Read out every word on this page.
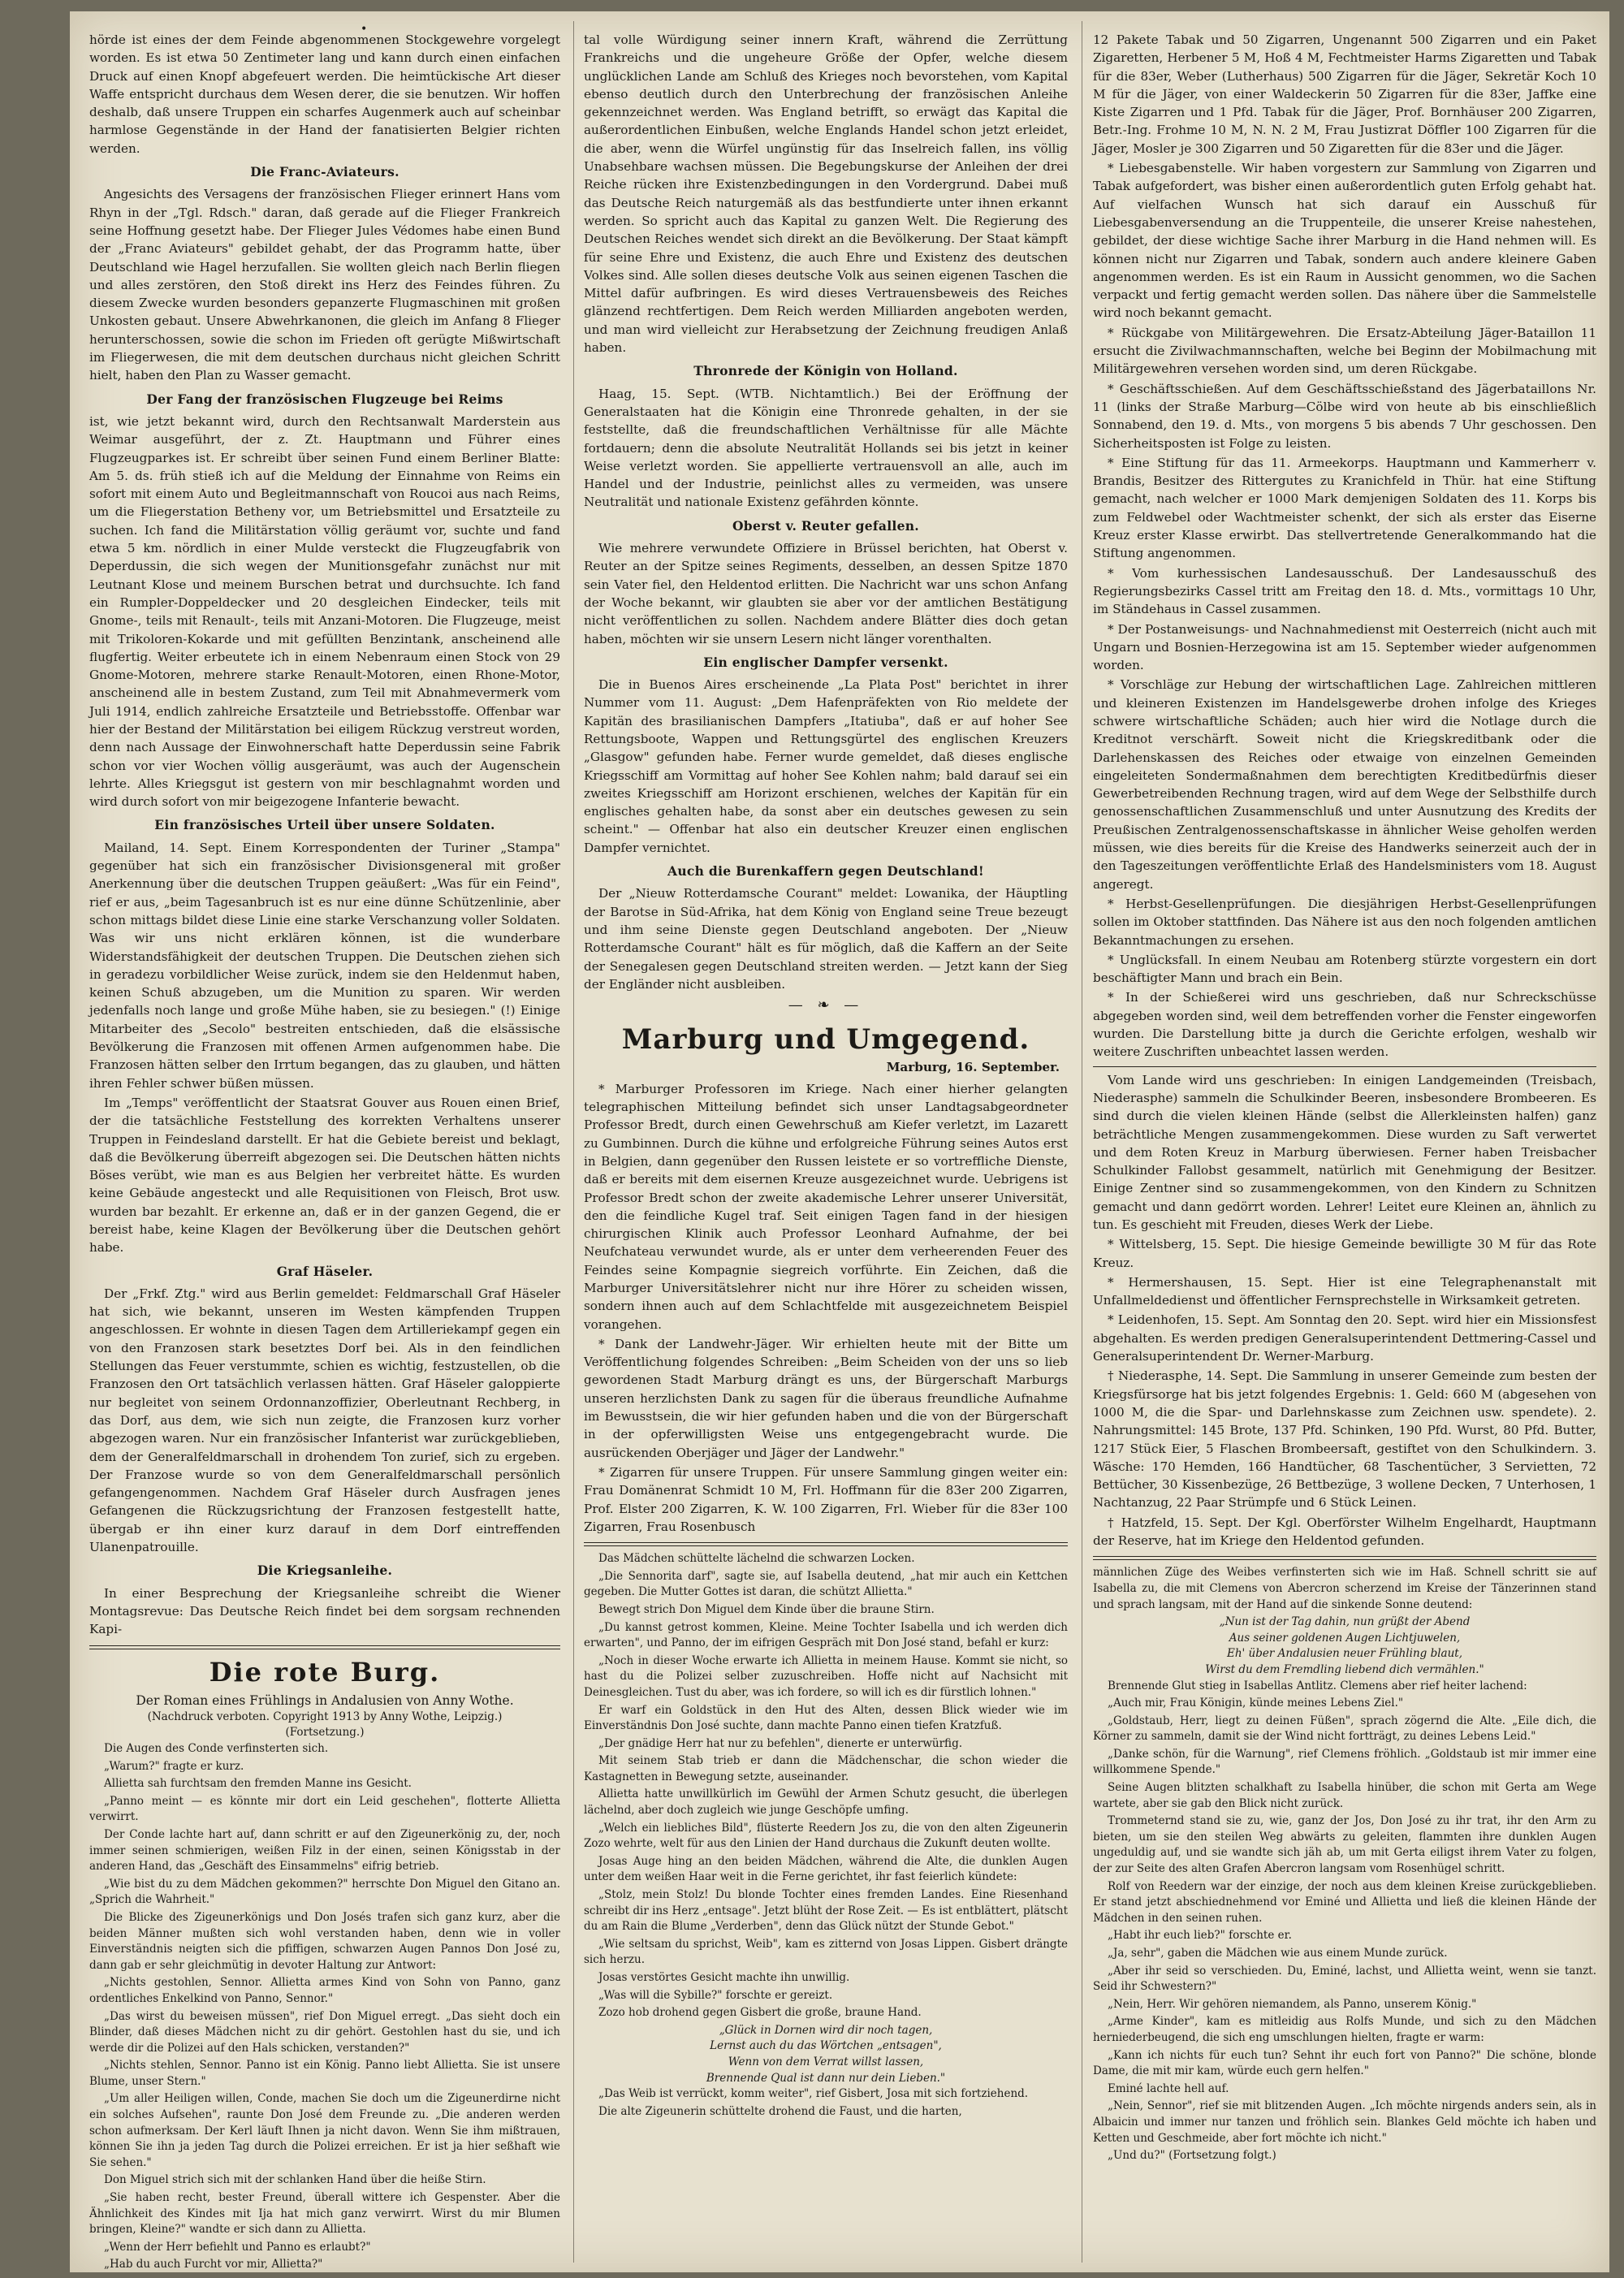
•

hörde ist eines der dem Feinde abgenommenen Stockgewehre vorgelegt worden. Es ist etwa 50 Zentimeter lang und kann durch einen einfachen Druck auf einen Knopf abgefeuert werden. Die heimtückische Art dieser Waffe entspricht durchaus dem Wesen derer, die sie benutzen. Wir hoffen deshalb, daß unsere Truppen ein scharfes Augenmerk auch auf scheinbar harmlose Gegenstände in der Hand der fanatisierten Belgier richten werden.

Die Franc-Aviateurs.

Angesichts des Versagens der französischen Flieger erinnert Hans vom Rhyn in der „Tgl. Rdsch." daran, daß gerade auf die Flieger Frankreich seine Hoffnung gesetzt habe. Der Flieger Jules Védomes habe einen Bund der „Franc Aviateurs" gebildet gehabt, der das Programm hatte, über Deutschland wie Hagel herzufallen. Sie wollten gleich nach Berlin fliegen und alles zerstören, den Stoß direkt ins Herz des Feindes führen. Zu diesem Zwecke wurden besonders gepanzerte Flugmaschinen mit großen Unkosten gebaut. Unsere Abwehrkanonen, die gleich im Anfang 8 Flieger herunterschossen, sowie die schon im Frieden oft gerügte Mißwirtschaft im Fliegerwesen, die mit dem deutschen durchaus nicht gleichen Schritt hielt, haben den Plan zu Wasser gemacht.

Der Fang der französischen Flugzeuge bei Reims

ist, wie jetzt bekannt wird, durch den Rechtsanwalt Marderstein aus Weimar ausgeführt, der z. Zt. Hauptmann und Führer eines Flugzeugparkes ist. Er schreibt über seinen Fund einem Berliner Blatte: Am 5. ds. früh stieß ich auf die Meldung der Einnahme von Reims ein sofort mit einem Auto und Begleitmannschaft von Roucoi aus nach Reims, um die Fliegerstation Betheny vor, um Betriebsmittel und Ersatzteile zu suchen. Ich fand die Militärstation völlig geräumt vor, suchte und fand etwa 5 km. nördlich in einer Mulde versteckt die Flugzeugfabrik von Deperdussin, die sich wegen der Munitionsgefahr zunächst nur mit Leutnant Klose und meinem Burschen betrat und durchsuchte. Ich fand ein Rumpler-Doppeldecker und 20 desgleichen Eindecker, teils mit Gnome-, teils mit Renault-, teils mit Anzani-Motoren. Die Flugzeuge, meist mit Trikoloren-Kokarde und mit gefüllten Benzintank, anscheinend alle flugfertig. Weiter erbeutete ich in einem Nebenraum einen Stock von 29 Gnome-Motoren, mehrere starke Renault-Motoren, einen Rhone-Motor, anscheinend alle in bestem Zustand, zum Teil mit Abnahmevermerk vom Juli 1914, endlich zahlreiche Ersatzteile und Betriebsstoffe. Offenbar war hier der Bestand der Militärstation bei eiligem Rückzug verstreut worden, denn nach Aussage der Einwohnerschaft hatte Deperdussin seine Fabrik schon vor vier Wochen völlig ausgeräumt, was auch der Augenschein lehrte. Alles Kriegsgut ist gestern von mir beschlagnahmt worden und wird durch sofort von mir beigezogene Infanterie bewacht.

Ein französisches Urteil über unsere Soldaten.

Mailand, 14. Sept. Einem Korrespondenten der Turiner „Stampa" gegenüber hat sich ein französischer Divisionsgeneral mit großer Anerkennung über die deutschen Truppen geäußert: „Was für ein Feind", rief er aus, „beim Tagesanbruch ist es nur eine dünne Schützenlinie, aber schon mittags bildet diese Linie eine starke Verschanzung voller Soldaten. Was wir uns nicht erklären können, ist die wunderbare Widerstandsfähigkeit der deutschen Truppen. Die Deutschen ziehen sich in geradezu vorbildlicher Weise zurück, indem sie den Heldenmut haben, keinen Schuß abzugeben, um die Munition zu sparen. Wir werden jedenfalls noch lange und große Mühe haben, sie zu besiegen." (!) Einige Mitarbeiter des „Secolo" bestreiten entschieden, daß die elsässische Bevölkerung die Franzosen mit offenen Armen aufgenommen habe. Die Franzosen hätten selber den Irrtum begangen, das zu glauben, und hätten ihren Fehler schwer büßen müssen.

Im „Temps" veröffentlicht der Staatsrat Gouver aus Rouen einen Brief, der die tatsächliche Feststellung des korrekten Verhaltens unserer Truppen in Feindesland darstellt. Er hat die Gebiete bereist und beklagt, daß die Bevölkerung überreift abgezogen sei. Die Deutschen hätten nichts Böses verübt, wie man es aus Belgien her verbreitet hätte. Es wurden keine Gebäude angesteckt und alle Requisitionen von Fleisch, Brot usw. wurden bar bezahlt. Er erkenne an, daß er in der ganzen Gegend, die er bereist habe, keine Klagen der Bevölkerung über die Deutschen gehört habe.

Graf Häseler.

Der „Frkf. Ztg." wird aus Berlin gemeldet: Feldmarschall Graf Häseler hat sich, wie bekannt, unseren im Westen kämpfenden Truppen angeschlossen. Er wohnte in diesen Tagen dem Artilleriekampf gegen ein von den Franzosen stark besetztes Dorf bei. Als in den feindlichen Stellungen das Feuer verstummte, schien es wichtig, festzustellen, ob die Franzosen den Ort tatsächlich verlassen hätten. Graf Häseler galoppierte nur begleitet von seinem Ordonnanzoffizier, Oberleutnant Rechberg, in das Dorf, aus dem, wie sich nun zeigte, die Franzosen kurz vorher abgezogen waren. Nur ein französischer Infanterist war zurückgeblieben, dem der Generalfeldmarschall in drohendem Ton zurief, sich zu ergeben. Der Franzose wurde so von dem Generalfeldmarschall persönlich gefangengenommen. Nachdem Graf Häseler durch Ausfragen jenes Gefangenen die Rückzugsrichtung der Franzosen festgestellt hatte, übergab er ihn einer kurz darauf in dem Dorf eintreffenden Ulanenpatrouille.

Die Kriegsanleihe.

In einer Besprechung der Kriegsanleihe schreibt die Wiener Montagsrevue: Das Deutsche Reich findet bei dem sorgsam rechnenden Kapi-

Die rote Burg.

Der Roman eines Frühlings in Andalusien von Anny Wothe.

(Nachdruck verboten. Copyright 1913 by Anny Wothe, Leipzig.)

(Fortsetzung.)

Die Augen des Conde verfinsterten sich.

„Warum?" fragte er kurz.

Allietta sah furchtsam den fremden Manne ins Gesicht.

„Panno meint — es könnte mir dort ein Leid geschehen", flotterte Allietta verwirrt.

Der Conde lachte hart auf, dann schritt er auf den Zigeunerkönig zu, der, noch immer seinen schmierigen, weißen Filz in der einen, seinen Königsstab in der anderen Hand, das „Geschäft des Einsammelns" eifrig betrieb.

„Wie bist du zu dem Mädchen gekommen?" herrschte Don Miguel den Gitano an. „Sprich die Wahrheit."

Die Blicke des Zigeunerkönigs und Don Josés trafen sich ganz kurz, aber die beiden Männer mußten sich wohl verstanden haben, denn wie in voller Einverständnis neigten sich die pfiffigen, schwarzen Augen Pannos Don José zu, dann gab er sehr gleichmütig in devoter Haltung zur Antwort:

„Nichts gestohlen, Sennor. Allietta armes Kind von Sohn von Panno, ganz ordentliches Enkelkind von Panno, Sennor."

„Das wirst du beweisen müssen", rief Don Miguel erregt. „Das sieht doch ein Blinder, daß dieses Mädchen nicht zu dir gehört. Gestohlen hast du sie, und ich werde dir die Polizei auf den Hals schicken, verstanden?"

„Nichts stehlen, Sennor. Panno ist ein König. Panno liebt Allietta. Sie ist unsere Blume, unser Stern."

„Um aller Heiligen willen, Conde, machen Sie doch um die Zigeunerdirne nicht ein solches Aufsehen", raunte Don José dem Freunde zu. „Die anderen werden schon aufmerksam. Der Kerl läuft Ihnen ja nicht davon. Wenn Sie ihm mißtrauen, können Sie ihn ja jeden Tag durch die Polizei erreichen. Er ist ja hier seßhaft wie Sie sehen."

Don Miguel strich sich mit der schlanken Hand über die heiße Stirn.

„Sie haben recht, bester Freund, überall wittere ich Gespenster. Aber die Ähnlichkeit des Kindes mit Ija hat mich ganz verwirrt. Wirst du mir Blumen bringen, Kleine?" wandte er sich dann zu Allietta.

„Wenn der Herr befiehlt und Panno es erlaubt?"

„Hab du auch Furcht vor mir, Allietta?"

tal volle Würdigung seiner innern Kraft, während die Zerrüttung Frankreichs und die ungeheure Größe der Opfer, welche diesem unglücklichen Lande am Schluß des Krieges noch bevorstehen, vom Kapital ebenso deutlich durch den Unterbrechung der französischen Anleihe gekennzeichnet werden. Was England betrifft, so erwägt das Kapital die außerordentlichen Einbußen, welche Englands Handel schon jetzt erleidet, die aber, wenn die Würfel ungünstig für das Inselreich fallen, ins völlig Unabsehbare wachsen müssen. Die Begebungskurse der Anleihen der drei Reiche rücken ihre Existenzbedingungen in den Vordergrund. Dabei muß das Deutsche Reich naturgemäß als das bestfundierte unter ihnen erkannt werden. So spricht auch das Kapital zu ganzen Welt. Die Regierung des Deutschen Reiches wendet sich direkt an die Bevölkerung. Der Staat kämpft für seine Ehre und Existenz, die auch Ehre und Existenz des deutschen Volkes sind. Alle sollen dieses deutsche Volk aus seinen eigenen Taschen die Mittel dafür aufbringen. Es wird dieses Vertrauensbeweis des Reiches glänzend rechtfertigen. Dem Reich werden Milliarden angeboten werden, und man wird vielleicht zur Herabsetzung der Zeichnung freudigen Anlaß haben.

Thronrede der Königin von Holland.

Haag, 15. Sept. (WTB. Nichtamtlich.) Bei der Eröffnung der Generalstaaten hat die Königin eine Thronrede gehalten, in der sie feststellte, daß die freundschaftlichen Verhältnisse für alle Mächte fortdauern; denn die absolute Neutralität Hollands sei bis jetzt in keiner Weise verletzt worden. Sie appellierte vertrauensvoll an alle, auch im Handel und der Industrie, peinlichst alles zu vermeiden, was unsere Neutralität und nationale Existenz gefährden könnte.

Oberst v. Reuter gefallen.

Wie mehrere verwundete Offiziere in Brüssel berichten, hat Oberst v. Reuter an der Spitze seines Regiments, desselben, an dessen Spitze 1870 sein Vater fiel, den Heldentod erlitten. Die Nachricht war uns schon Anfang der Woche bekannt, wir glaubten sie aber vor der amtlichen Bestätigung nicht veröffentlichen zu sollen. Nachdem andere Blätter dies doch getan haben, möchten wir sie unsern Lesern nicht länger vorenthalten.

Ein englischer Dampfer versenkt.

Die in Buenos Aires erscheinende „La Plata Post" berichtet in ihrer Nummer vom 11. August: „Dem Hafenpräfekten von Rio meldete der Kapitän des brasilianischen Dampfers „Itatiuba", daß er auf hoher See Rettungsboote, Wappen und Rettungsgürtel des englischen Kreuzers „Glasgow" gefunden habe. Ferner wurde gemeldet, daß dieses englische Kriegsschiff am Vormittag auf hoher See Kohlen nahm; bald darauf sei ein zweites Kriegsschiff am Horizont erschienen, welches der Kapitän für ein englisches gehalten habe, da sonst aber ein deutsches gewesen zu sein scheint." — Offenbar hat also ein deutscher Kreuzer einen englischen Dampfer vernichtet.

Auch die Burenkaffern gegen Deutschland!

Der „Nieuw Rotterdamsche Courant" meldet: Lowanika, der Häuptling der Barotse in Süd-Afrika, hat dem König von England seine Treue bezeugt und ihm seine Dienste gegen Deutschland angeboten. Der „Nieuw Rotterdamsche Courant" hält es für möglich, daß die Kaffern an der Seite der Senegalesen gegen Deutschland streiten werden. — Jetzt kann der Sieg der Engländer nicht ausbleiben.

— ❧ —
Marburg und Umgegend.
Marburg, 16. September.

* Marburger Professoren im Kriege. Nach einer hierher gelangten telegraphischen Mitteilung befindet sich unser Landtagsabgeordneter Professor Bredt, durch einen Gewehrschuß am Kiefer verletzt, im Lazarett zu Gumbinnen. Durch die kühne und erfolgreiche Führung seines Autos erst in Belgien, dann gegenüber den Russen leistete er so vortreffliche Dienste, daß er bereits mit dem eisernen Kreuze ausgezeichnet wurde. Uebrigens ist Professor Bredt schon der zweite akademische Lehrer unserer Universität, den die feindliche Kugel traf. Seit einigen Tagen fand in der hiesigen chirurgischen Klinik auch Professor Leonhard Aufnahme, der bei Neufchateau verwundet wurde, als er unter dem verheerenden Feuer des Feindes seine Kompagnie siegreich vorführte. Ein Zeichen, daß die Marburger Universitätslehrer nicht nur ihre Hörer zu scheiden wissen, sondern ihnen auch auf dem Schlachtfelde mit ausgezeichnetem Beispiel vorangehen.

* Dank der Landwehr-Jäger. Wir erhielten heute mit der Bitte um Veröffentlichung folgendes Schreiben: „Beim Scheiden von der uns so lieb gewordenen Stadt Marburg drängt es uns, der Bürgerschaft Marburgs unseren herzlichsten Dank zu sagen für die überaus freundliche Aufnahme im Bewusstsein, die wir hier gefunden haben und die von der Bürgerschaft in der opferwilligsten Weise uns entgegengebracht wurde. Die ausrückenden Oberjäger und Jäger der Landwehr."

* Zigarren für unsere Truppen. Für unsere Sammlung gingen weiter ein: Frau Domänenrat Schmidt 10 M, Frl. Hoffmann für die 83er 200 Zigarren, Prof. Elster 200 Zigarren, K. W. 100 Zigarren, Frl. Wieber für die 83er 100 Zigarren, Frau Rosenbusch

Das Mädchen schüttelte lächelnd die schwarzen Locken.

„Die Sennorita darf", sagte sie, auf Isabella deutend, „hat mir auch ein Kettchen gegeben. Die Mutter Gottes ist daran, die schützt Allietta."

Bewegt strich Don Miguel dem Kinde über die braune Stirn.

„Du kannst getrost kommen, Kleine. Meine Tochter Isabella und ich werden dich erwarten", und Panno, der im eifrigen Gespräch mit Don José stand, befahl er kurz:

„Noch in dieser Woche erwarte ich Allietta in meinem Hause. Kommt sie nicht, so hast du die Polizei selber zuzuschreiben. Hoffe nicht auf Nachsicht mit Deinesgleichen. Tust du aber, was ich fordere, so will ich es dir fürstlich lohnen."

Er warf ein Goldstück in den Hut des Alten, dessen Blick wieder wie im Einverständnis Don José suchte, dann machte Panno einen tiefen Kratzfuß.

„Der gnädige Herr hat nur zu befehlen", dienerte er unterwürfig.

Mit seinem Stab trieb er dann die Mädchenschar, die schon wieder die Kastagnetten in Bewegung setzte, auseinander.

Allietta hatte unwillkürlich im Gewühl der Armen Schutz gesucht, die überlegen lächelnd, aber doch zugleich wie junge Geschöpfe umfing.

„Welch ein liebliches Bild", flüsterte Reedern Jos zu, die von den alten Zigeunerin Zozo wehrte, welt für aus den Linien der Hand durchaus die Zukunft deuten wollte.

Josas Auge hing an den beiden Mädchen, während die Alte, die dunklen Augen unter dem weißen Haar weit in die Ferne gerichtet, ihr fast feierlich kündete:

„Stolz, mein Stolz! Du blonde Tochter eines fremden Landes. Eine Riesenhand schreibt dir ins Herz „entsage". Jetzt blüht der Rose Zeit. — Es ist entblättert, plätscht du am Rain die Blume „Verderben", denn das Glück nützt der Stunde Gebot."

„Wie seltsam du sprichst, Weib", kam es zitternd von Josas Lippen. Gisbert drängte sich herzu.

Josas verstörtes Gesicht machte ihn unwillig.

„Was will die Sybille?" forschte er gereizt.

Zozo hob drohend gegen Gisbert die große, braune Hand.

„Glück in Dornen wird dir noch tagen,

Lernst auch du das Wörtchen „entsagen",

Wenn von dem Verrat willst lassen,

Brennende Qual ist dann nur dein Lieben."

„Das Weib ist verrückt, komm weiter", rief Gisbert, Josa mit sich fortziehend.

Die alte Zigeunerin schüttelte drohend die Faust, und die harten,

12 Pakete Tabak und 50 Zigarren, Ungenannt 500 Zigarren und ein Paket Zigaretten, Herbener 5 M, Hoß 4 M, Fechtmeister Harms Zigaretten und Tabak für die 83er, Weber (Lutherhaus) 500 Zigarren für die Jäger, Sekretär Koch 10 M für die Jäger, von einer Waldeckerin 50 Zigarren für die 83er, Jaffke eine Kiste Zigarren und 1 Pfd. Tabak für die Jäger, Prof. Bornhäuser 200 Zigarren, Betr.-Ing. Frohme 10 M, N. N. 2 M, Frau Justizrat Döffler 100 Zigarren für die Jäger, Mosler je 300 Zigarren und 50 Zigaretten für die 83er und die Jäger.

* Liebesgabenstelle. Wir haben vorgestern zur Sammlung von Zigarren und Tabak aufgefordert, was bisher einen außerordentlich guten Erfolg gehabt hat. Auf vielfachen Wunsch hat sich darauf ein Ausschuß für Liebesgabenversendung an die Truppenteile, die unserer Kreise nahestehen, gebildet, der diese wichtige Sache ihrer Marburg in die Hand nehmen will. Es können nicht nur Zigarren und Tabak, sondern auch andere kleinere Gaben angenommen werden. Es ist ein Raum in Aussicht genommen, wo die Sachen verpackt und fertig gemacht werden sollen. Das nähere über die Sammelstelle wird noch bekannt gemacht.

* Rückgabe von Militärgewehren. Die Ersatz-Abteilung Jäger-Bataillon 11 ersucht die Zivilwachmannschaften, welche bei Beginn der Mobilmachung mit Militärgewehren versehen worden sind, um deren Rückgabe.

* Geschäftsschießen. Auf dem Geschäftsschießstand des Jägerbataillons Nr. 11 (links der Straße Marburg—Cölbe wird von heute ab bis einschließlich Sonnabend, den 19. d. Mts., von morgens 5 bis abends 7 Uhr geschossen. Den Sicherheitsposten ist Folge zu leisten.

* Eine Stiftung für das 11. Armeekorps. Hauptmann und Kammerherr v. Brandis, Besitzer des Rittergutes zu Kranichfeld in Thür. hat eine Stiftung gemacht, nach welcher er 1000 Mark demjenigen Soldaten des 11. Korps bis zum Feldwebel oder Wachtmeister schenkt, der sich als erster das Eiserne Kreuz erster Klasse erwirbt. Das stellvertretende Generalkommando hat die Stiftung angenommen.

* Vom kurhessischen Landesausschuß. Der Landesausschuß des Regierungsbezirks Cassel tritt am Freitag den 18. d. Mts., vormittags 10 Uhr, im Ständehaus in Cassel zusammen.

* Der Postanweisungs- und Nachnahmedienst mit Oesterreich (nicht auch mit Ungarn und Bosnien-Herzegowina ist am 15. September wieder aufgenommen worden.

* Vorschläge zur Hebung der wirtschaftlichen Lage. Zahlreichen mittleren und kleineren Existenzen im Handelsgewerbe drohen infolge des Krieges schwere wirtschaftliche Schäden; auch hier wird die Notlage durch die Kreditnot verschärft. Soweit nicht die Kriegskreditbank oder die Darlehenskassen des Reiches oder etwaige von einzelnen Gemeinden eingeleiteten Sondermaßnahmen dem berechtigten Kreditbedürfnis dieser Gewerbetreibenden Rechnung tragen, wird auf dem Wege der Selbsthilfe durch genossenschaftlichen Zusammenschluß und unter Ausnutzung des Kredits der Preußischen Zentralgenossenschaftskasse in ähnlicher Weise geholfen werden müssen, wie dies bereits für die Kreise des Handwerks seinerzeit auch der in den Tageszeitungen veröffentlichte Erlaß des Handelsministers vom 18. August angeregt.

* Herbst-Gesellenprüfungen. Die diesjährigen Herbst-Gesellenprüfungen sollen im Oktober stattfinden. Das Nähere ist aus den noch folgenden amtlichen Bekanntmachungen zu ersehen.

* Unglücksfall. In einem Neubau am Rotenberg stürzte vorgestern ein dort beschäftigter Mann und brach ein Bein.

* In der Schießerei wird uns geschrieben, daß nur Schreckschüsse abgegeben worden sind, weil dem betreffenden vorher die Fenster eingeworfen wurden. Die Darstellung bitte ja durch die Gerichte erfolgen, weshalb wir weitere Zuschriften unbeachtet lassen werden.

Vom Lande wird uns geschrieben: In einigen Landgemeinden (Treisbach, Niederasphe) sammeln die Schulkinder Beeren, insbesondere Brombeeren. Es sind durch die vielen kleinen Hände (selbst die Allerkleinsten halfen) ganz beträchtliche Mengen zusammengekommen. Diese wurden zu Saft verwertet und dem Roten Kreuz in Marburg überwiesen. Ferner haben Treisbacher Schulkinder Fallobst gesammelt, natürlich mit Genehmigung der Besitzer. Einige Zentner sind so zusammengekommen, von den Kindern zu Schnitzen gemacht und dann gedörrt worden. Lehrer! Leitet eure Kleinen an, ähnlich zu tun. Es geschieht mit Freuden, dieses Werk der Liebe.

* Wittelsberg, 15. Sept. Die hiesige Gemeinde bewilligte 30 M für das Rote Kreuz.

* Hermershausen, 15. Sept. Hier ist eine Telegraphenanstalt mit Unfallmeldedienst und öffentlicher Fernsprechstelle in Wirksamkeit getreten.

* Leidenhofen, 15. Sept. Am Sonntag den 20. Sept. wird hier ein Missionsfest abgehalten. Es werden predigen Generalsuperintendent Dettmering-Cassel und Generalsuperintendent Dr. Werner-Marburg.

† Niederasphe, 14. Sept. Die Sammlung in unserer Gemeinde zum besten der Kriegsfürsorge hat bis jetzt folgendes Ergebnis: 1. Geld: 660 M (abgesehen von 1000 M, die die Spar- und Darlehnskasse zum Zeichnen usw. spendete). 2. Nahrungsmittel: 145 Brote, 137 Pfd. Schinken, 190 Pfd. Wurst, 80 Pfd. Butter, 1217 Stück Eier, 5 Flaschen Brombeersaft, gestiftet von den Schulkindern. 3. Wäsche: 170 Hemden, 166 Handtücher, 68 Taschentücher, 3 Servietten, 72 Bettücher, 30 Kissenbezüge, 26 Bettbezüge, 3 wollene Decken, 7 Unterhosen, 1 Nachtanzug, 22 Paar Strümpfe und 6 Stück Leinen.

† Hatzfeld, 15. Sept. Der Kgl. Oberförster Wilhelm Engelhardt, Hauptmann der Reserve, hat im Kriege den Heldentod gefunden.

männlichen Züge des Weibes verfinsterten sich wie im Haß. Schnell schritt sie auf Isabella zu, die mit Clemens von Abercron scherzend im Kreise der Tänzerinnen stand und sprach langsam, mit der Hand auf die sinkende Sonne deutend:

„Nun ist der Tag dahin, nun grüßt der Abend

Aus seiner goldenen Augen Lichtjuwelen,

Eh' über Andalusien neuer Frühling blaut,

Wirst du dem Fremdling liebend dich vermählen."

Brennende Glut stieg in Isabellas Antlitz. Clemens aber rief heiter lachend:

„Auch mir, Frau Königin, künde meines Lebens Ziel."

„Goldstaub, Herr, liegt zu deinen Füßen", sprach zögernd die Alte. „Eile dich, die Körner zu sammeln, damit sie der Wind nicht fortträgt, zu deines Lebens Leid."

„Danke schön, für die Warnung", rief Clemens fröhlich. „Goldstaub ist mir immer eine willkommene Spende."

Seine Augen blitzten schalkhaft zu Isabella hinüber, die schon mit Gerta am Wege wartete, aber sie gab den Blick nicht zurück.

Trommeternd stand sie zu, wie, ganz der Jos, Don José zu ihr trat, ihr den Arm zu bieten, um sie den steilen Weg abwärts zu geleiten, flammten ihre dunklen Augen ungeduldig auf, und sie wandte sich jäh ab, um mit Gerta eiligst ihrem Vater zu folgen, der zur Seite des alten Grafen Abercron langsam vom Rosenhügel schritt.

Rolf von Reedern war der einzige, der noch aus dem kleinen Kreise zurückgeblieben. Er stand jetzt abschiednehmend vor Eminé und Allietta und ließ die kleinen Hände der Mädchen in den seinen ruhen.

„Habt ihr euch lieb?" forschte er.

„Ja, sehr", gaben die Mädchen wie aus einem Munde zurück.

„Aber ihr seid so verschieden. Du, Eminé, lachst, und Allietta weint, wenn sie tanzt. Seid ihr Schwestern?"

„Nein, Herr. Wir gehören niemandem, als Panno, unserem König."

„Arme Kinder", kam es mitleidig aus Rolfs Munde, und sich zu den Mädchen herniederbeugend, die sich eng umschlungen hielten, fragte er warm:

„Kann ich nichts für euch tun? Sehnt ihr euch fort von Panno?" Die schöne, blonde Dame, die mit mir kam, würde euch gern helfen."

Eminé lachte hell auf.

„Nein, Sennor", rief sie mit blitzenden Augen. „Ich möchte nirgends anders sein, als in Albaicin und immer nur tanzen und fröhlich sein. Blankes Geld möchte ich haben und Ketten und Geschmeide, aber fort möchte ich nicht."

„Und du?" (Fortsetzung folgt.)
